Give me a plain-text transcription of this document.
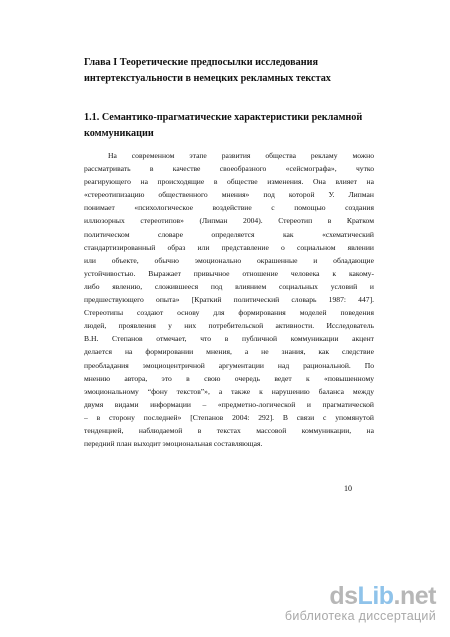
Глава I Теоретические предпосылки исследования
интертекстуальности в немецких рекламных текстах
1.1. Семантико-прагматические характеристики рекламной
коммуникации
На современном этапе развития общества рекламу можно
рассматривать в качестве своеобразного «сейсмографа», чутко
реагирующего на происходящие в обществе изменения. Она влияет на
«стереотипизацию общественного мнения» под которой У. Липман
понимает «психологическое воздействие с помощью создания
иллюзорных стереотипов» (Липман 2004). Стереотип в Кратком
политическом словаре определяется как «схематический
стандартизированный образ или представление о социальном явлении
или объекте, обычно эмоционально окрашенные и обладающие
устойчивостью. Выражает привычное отношение человека к какому-
либо явлению, сложившееся под влиянием социальных условий и
предшествующего опыта» [Краткий политический словарь 1987: 447].
Стереотипы создают основу для формирования моделей поведения
людей, проявления у них потребительской активности. Исследователь
В.Н. Степанов отмечает, что в публичной коммуникации акцент
делается на формировании мнения, а не знания, как следствие
преобладания эмоциоцентричной аргументации над рациональной. По
мнению автора, это в свою очередь ведет к «повышенному
эмоциональному “фону текстов”», а также к нарушению баланса между
двумя видами информации – «предметно-логической и прагматической
– в сторону последней» [Степанов 2004: 292]. В связи с упомянутой
тенденцией, наблюдаемой в текстах массовой коммуникации, на
передний план выходит эмоциональная составляющая.
10
dsLib.net
библиотека диссертаций
